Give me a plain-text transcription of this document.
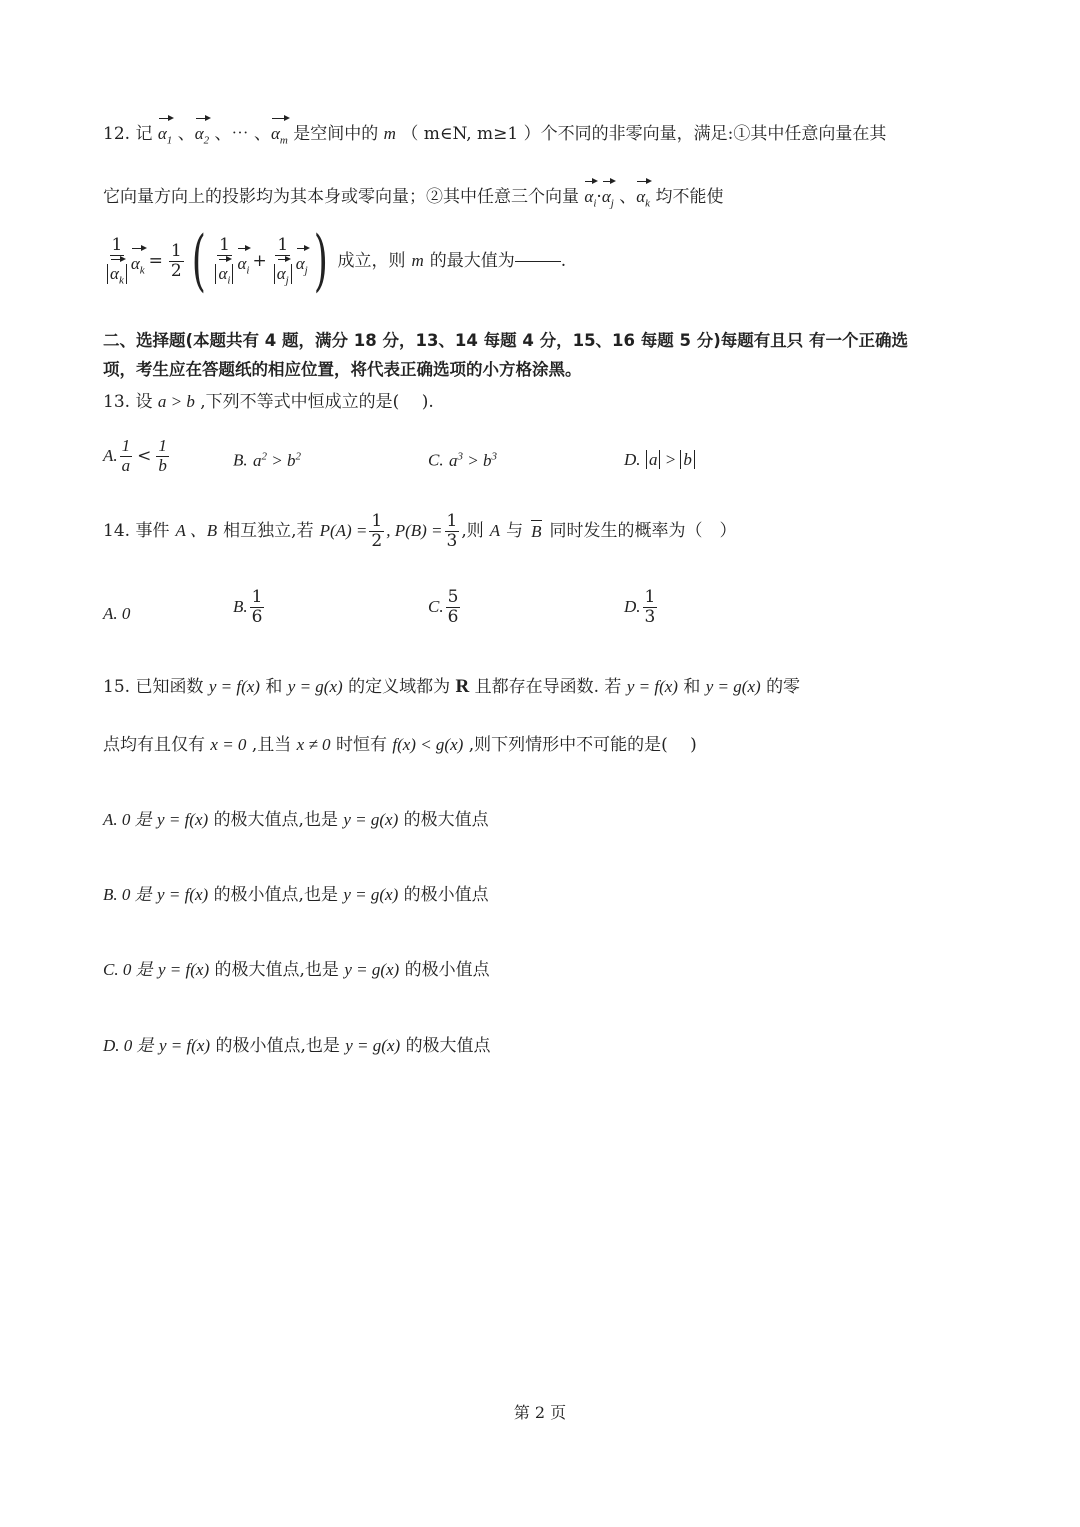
12. 记 $\alpha_1$ 、$\alpha_2$ 、⋯ 、$\alpha_m$ 是空间中的 m （ m∈N, m≥1 ）个不同的非零向量，满足:①其中任意向量在其
它向量方向上的投影均为其本身或零向量；②其中任意三个向量 $\alpha_i\cdot\alpha_j$ 、$\alpha_k$ 均不能使
$\frac{1}{\alpha_k} \alpha_k = \frac{1}{2}$ ( $\frac{1}{\alpha_i} \alpha_i + \frac{1}{\alpha_j} \alpha_j$ ) 成立，则 m 的最大值为	.
二、选择题(本题共有 4 题，满分 18 分，13、14 每题 4 分，15、16 每题 5 分)每题有且只 有一个正确选
项，考生应在答题纸的相应位置，将代表正确选项的小方格涂黑。
13. 设 a > b ,下列不等式中恒成立的是(　 ).
A. $\frac{1}{a} < \frac{1}{b}$	B. $a^2 > b^2$	C. $a^3 > b^3$	D. a > b
14. 事件 A 、B 相互独立,若 $P(A) = \frac{1}{2}$ , $P(B) = \frac{1}{3}$ ,则 A 与 B 同时发生的概率为（　）
A. 0	B. $\frac{1}{6}$	C. $\frac{5}{6}$	D. $\frac{1}{3}$
15. 已知函数 y = f(x) 和 y = g(x) 的定义域都为 R 且都存在导函数. 若 y = f(x) 和 y = g(x) 的零
点均有且仅有 x = 0 ,且当 x ≠ 0 时恒有 f(x) < g(x) ,则下列情形中不可能的是(　 )
A. 0 是 y = f(x) 的极大值点,也是 y = g(x) 的极大值点
B. 0 是 y = f(x) 的极小值点,也是 y = g(x) 的极小值点
C. 0 是 y = f(x) 的极大值点,也是 y = g(x) 的极小值点
D. 0 是 y = f(x) 的极小值点,也是 y = g(x) 的极大值点
第 2 页
